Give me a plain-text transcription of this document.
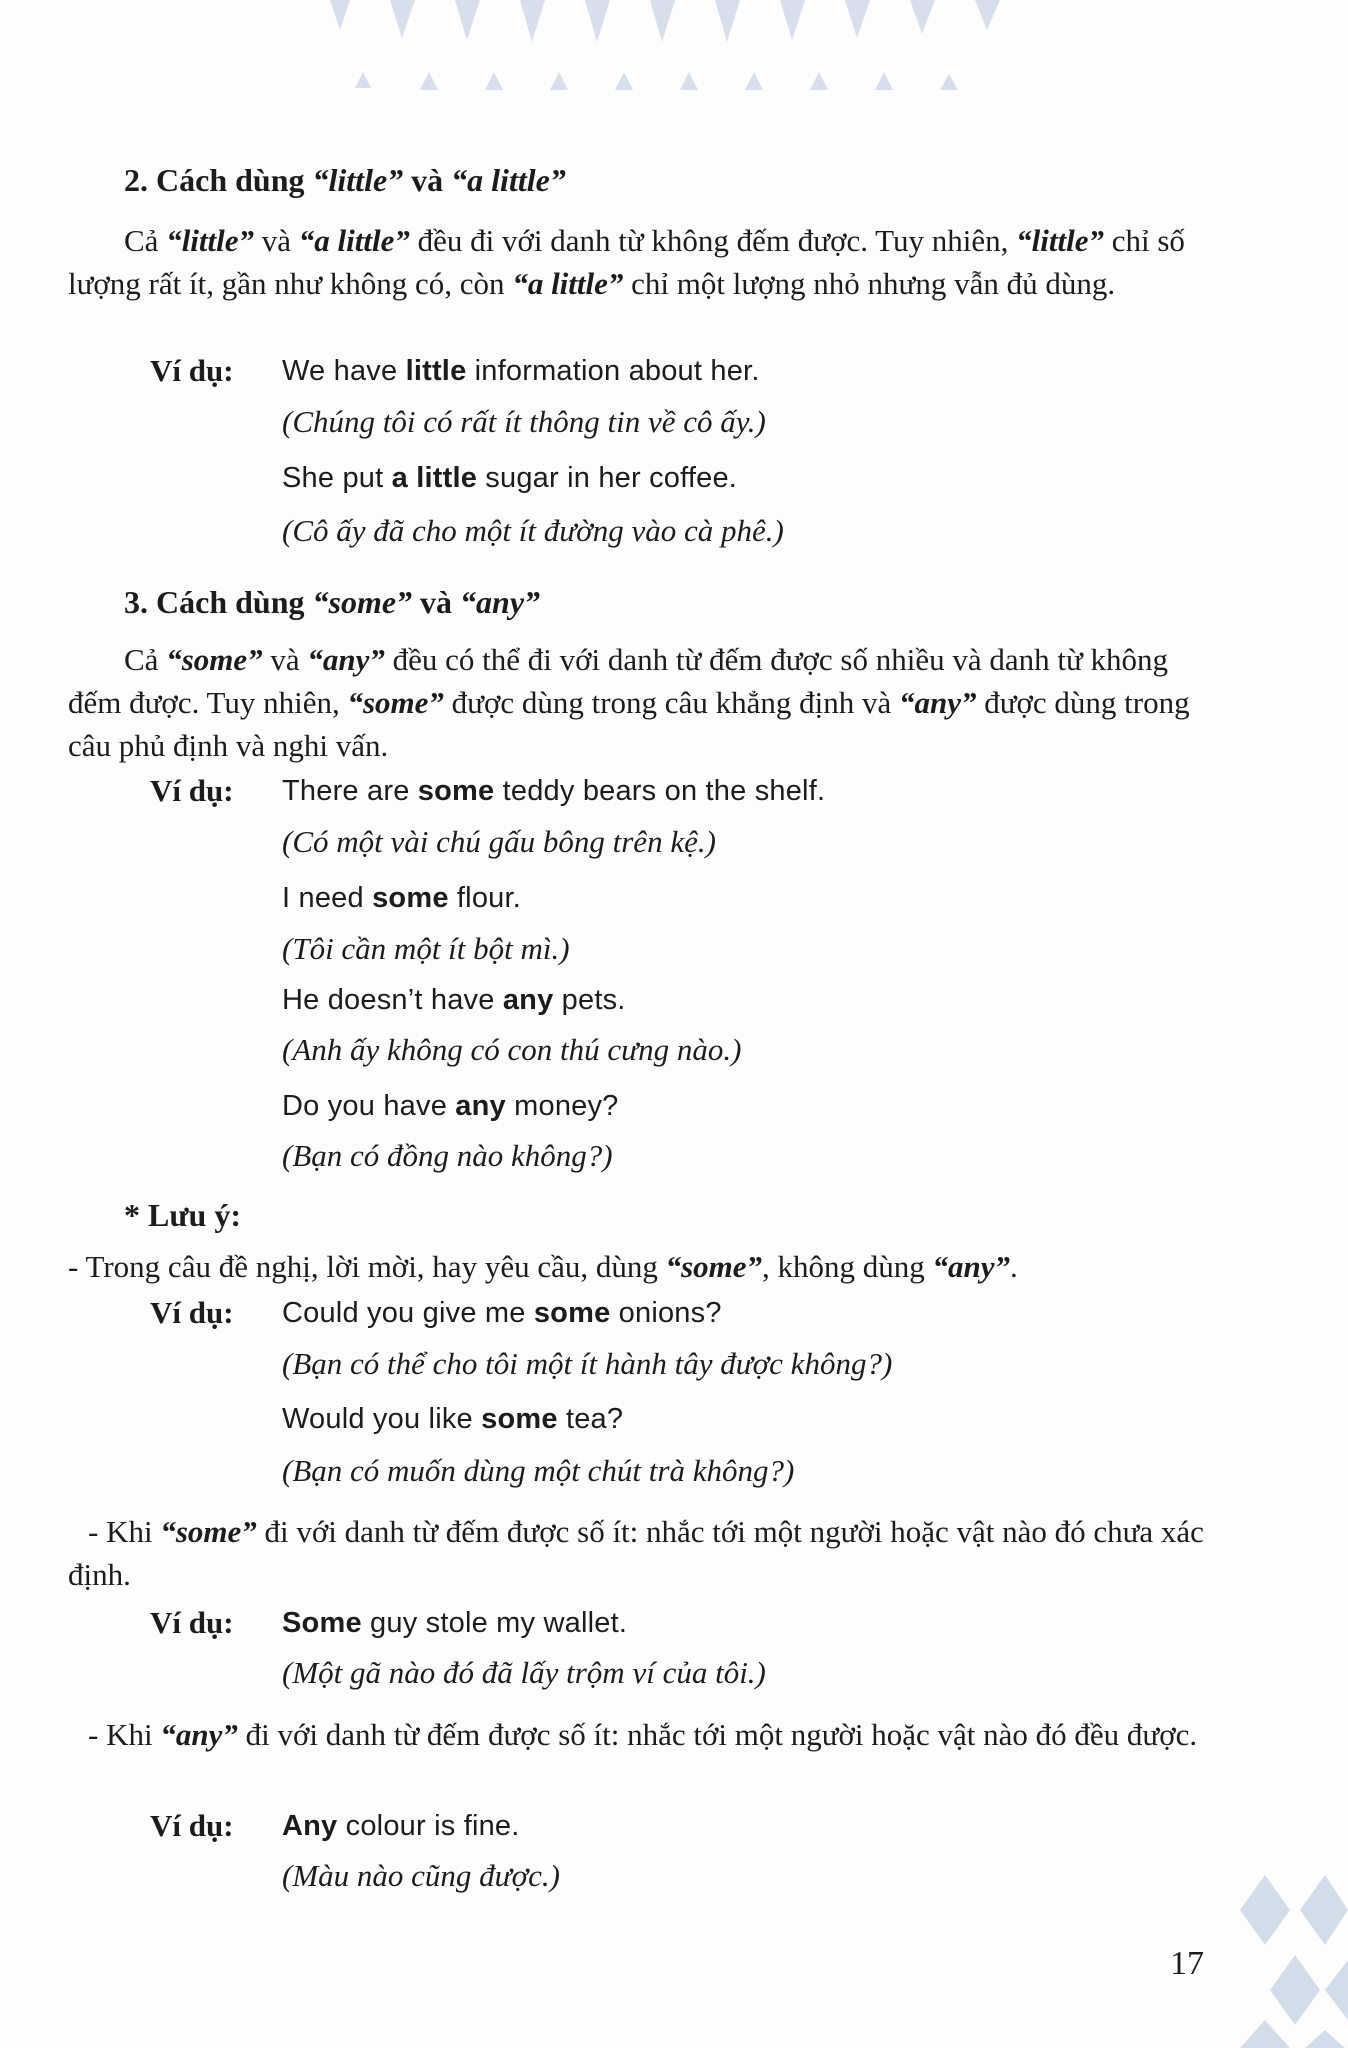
2. Cách dùng “little” và “a little”
Cả “little” và “a little” đều đi với danh từ không đếm được. Tuy nhiên, “little” chỉ số lượng rất ít, gần như không có, còn “a little” chỉ một lượng nhỏ nhưng vẫn đủ dùng.
Ví dụ: We have little information about her.
(Chúng tôi có rất ít thông tin về cô ấy.)
She put a little sugar in her coffee.
(Cô ấy đã cho một ít đường vào cà phê.)
3. Cách dùng “some” và “any”
Cả “some” và “any” đều có thể đi với danh từ đếm được số nhiều và danh từ không đếm được. Tuy nhiên, “some” được dùng trong câu khẳng định và “any” được dùng trong câu phủ định và nghi vấn.
Ví dụ: There are some teddy bears on the shelf.
(Có một vài chú gấu bông trên kệ.)
I need some flour.
(Tôi cần một ít bột mì.)
He doesn’t have any pets.
(Anh ấy không có con thú cưng nào.)
Do you have any money?
(Bạn có đồng nào không?)
* Lưu ý:
- Trong câu đề nghị, lời mời, hay yêu cầu, dùng “some”, không dùng “any”.
Ví dụ: Could you give me some onions?
(Bạn có thể cho tôi một ít hành tây được không?)
Would you like some tea?
(Bạn có muốn dùng một chút trà không?)
- Khi “some” đi với danh từ đếm được số ít: nhắc tới một người hoặc vật nào đó chưa xác định.
Ví dụ: Some guy stole my wallet.
(Một gã nào đó đã lấy trộm ví của tôi.)
- Khi “any” đi với danh từ đếm được số ít: nhắc tới một người hoặc vật nào đó đều được.
Ví dụ: Any colour is fine.
(Màu nào cũng được.)
17
